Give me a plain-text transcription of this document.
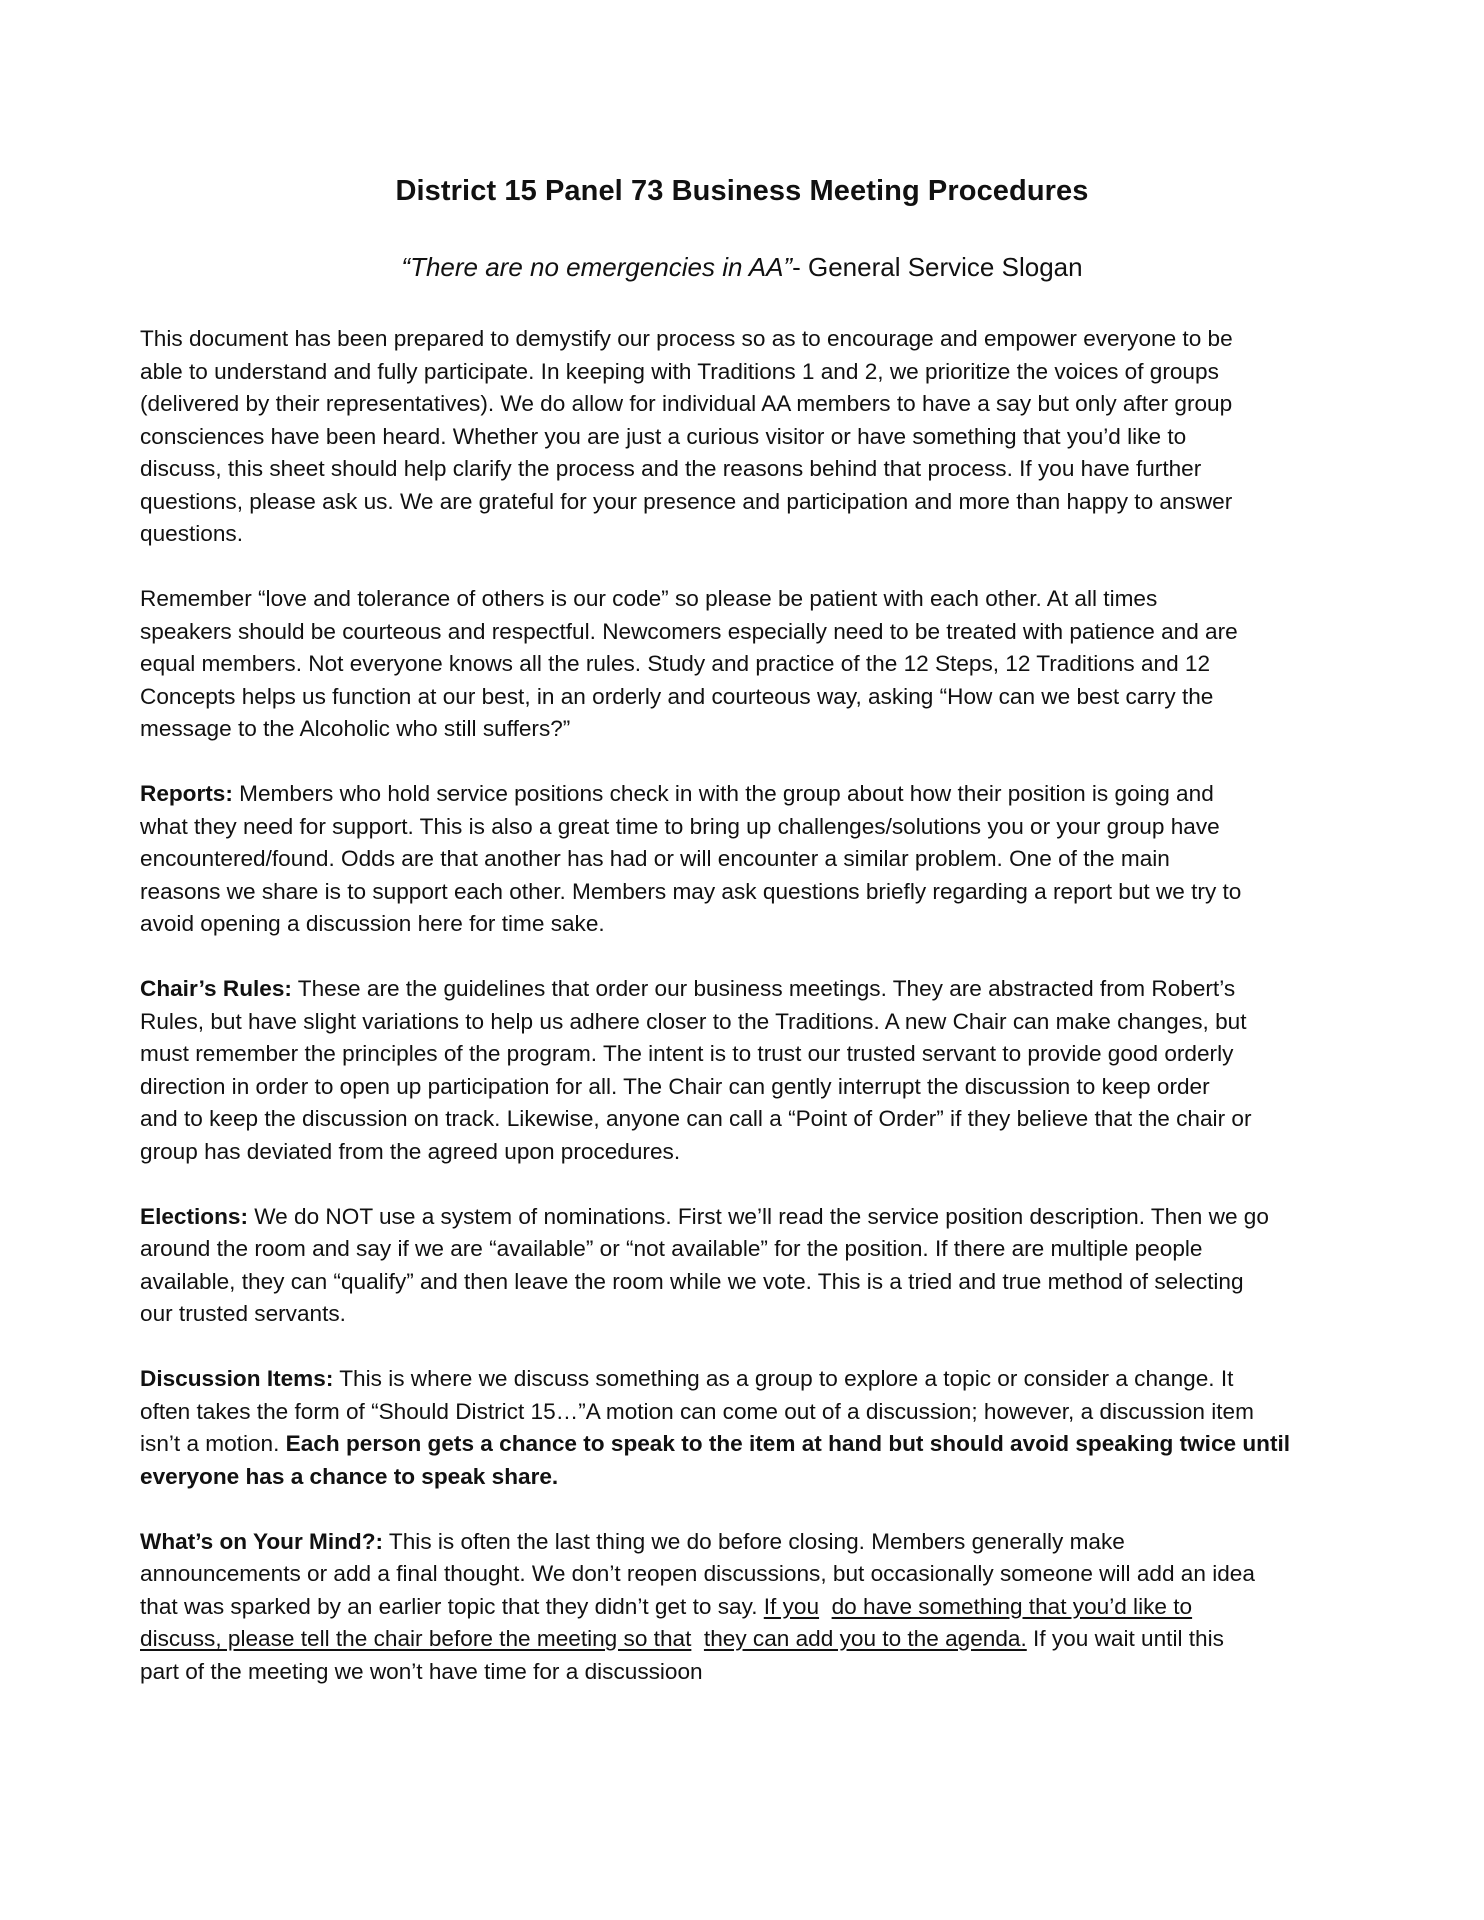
District 15 Panel 73 Business Meeting Procedures
“There are no emergencies in AA”- General Service Slogan
This document has been prepared to demystify our process so as to encourage and empower everyone to be
able to understand and fully participate. In keeping with Traditions 1 and 2, we prioritize the voices of groups
(delivered by their representatives). We do allow for individual AA members to have a say but only after group
consciences have been heard. Whether you are just a curious visitor or have something that you’d like to
discuss, this sheet should help clarify the process and the reasons behind that process. If you have further
questions, please ask us. We are grateful for your presence and participation and more than happy to answer
questions.
Remember “love and tolerance of others is our code” so please be patient with each other. At all times
speakers should be courteous and respectful. Newcomers especially need to be treated with patience and are
equal members. Not everyone knows all the rules. Study and practice of the 12 Steps, 12 Traditions and 12
Concepts helps us function at our best, in an orderly and courteous way, asking “How can we best carry the
message to the Alcoholic who still suffers?”
Reports: Members who hold service positions check in with the group about how their position is going and
what they need for support. This is also a great time to bring up challenges/solutions you or your group have
encountered/found. Odds are that another has had or will encounter a similar problem. One of the main
reasons we share is to support each other. Members may ask questions briefly regarding a report but we try to
avoid opening a discussion here for time sake.
Chair’s Rules: These are the guidelines that order our business meetings. They are abstracted from Robert’s
Rules, but have slight variations to help us adhere closer to the Traditions. A new Chair can make changes, but
must remember the principles of the program. The intent is to trust our trusted servant to provide good orderly
direction in order to open up participation for all. The Chair can gently interrupt the discussion to keep order
and to keep the discussion on track. Likewise, anyone can call a “Point of Order” if they believe that the chair or
group has deviated from the agreed upon procedures.
Elections: We do NOT use a system of nominations. First we’ll read the service position description. Then we go
around the room and say if we are “available” or “not available” for the position. If there are multiple people
available, they can “qualify” and then leave the room while we vote. This is a tried and true method of selecting
our trusted servants.
Discussion Items: This is where we discuss something as a group to explore a topic or consider a change. It
often takes the form of “Should District 15…”A motion can come out of a discussion; however, a discussion item
isn’t a motion. Each person gets a chance to speak to the item at hand but should avoid speaking twice until
everyone has a chance to speak share.
What’s on Your Mind?: This is often the last thing we do before closing. Members generally make
announcements or add a final thought. We don’t reopen discussions, but occasionally someone will add an idea
that was sparked by an earlier topic that they didn’t get to say. If you do have something that you’d like to
discuss, please tell the chair before the meeting so that they can add you to the agenda. If you wait until this
part of the meeting we won’t have time for a discussioon
